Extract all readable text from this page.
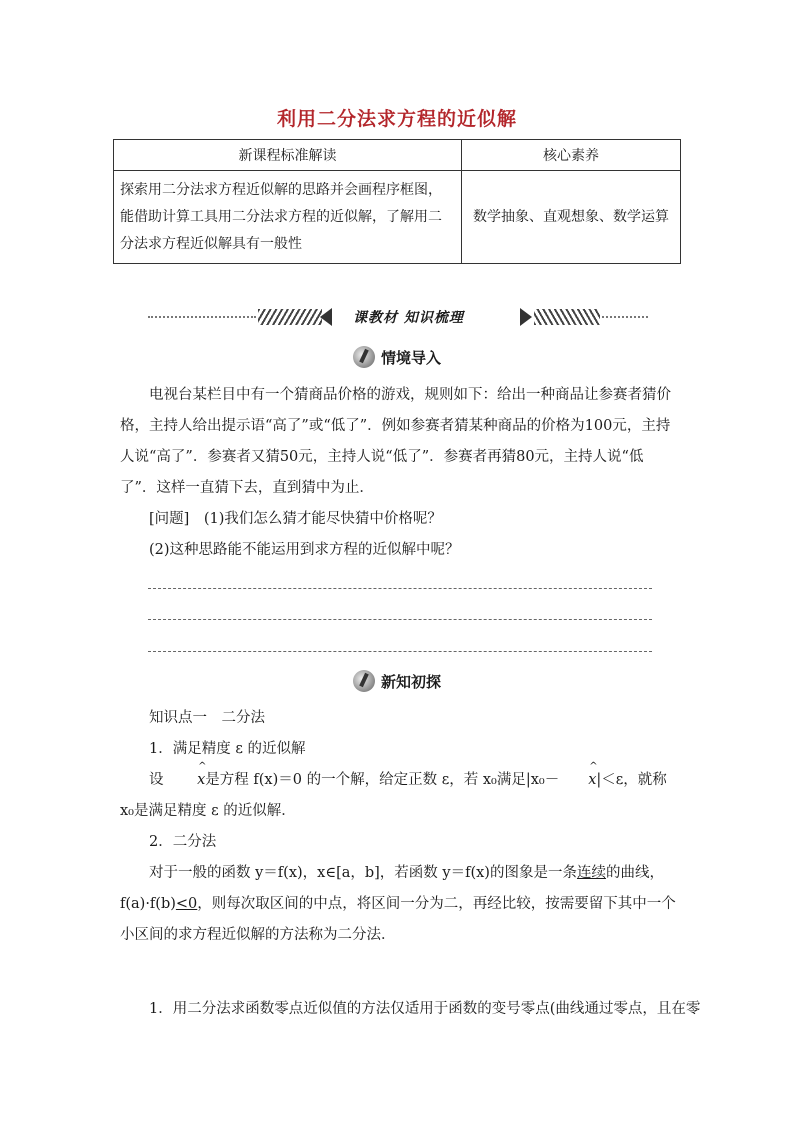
利用二分法求方程的近似解
新课程标准解读	核心素养
探索用二分法求方程近似解的思路并会画程序框图，能借助计算工具用二分法求方程的近似解，了解用二分法求方程近似解具有一般性	数学抽象、直观想象、数学运算
课教材 知识梳理
情境导入

电视台某栏目中有一个猜商品价格的游戏，规则如下：给出一种商品让参赛者猜价格，主持人给出提示语“高了”或“低了”．例如参赛者猜某种商品的价格为100元，主持人说“高了”．参赛者又猜50元，主持人说“低了”．参赛者再猜80元，主持人说“低了”．这样一直猜下去，直到猜中为止．

[问题]　 (1)我们怎么猜才能尽快猜中价格呢？

(2)这种思路能不能运用到求方程的近似解中呢？

新知初探

知识点一　二分法

1．满足精度 ε 的近似解

设 ^ x是方程 f(x)＝0 的一个解，给定正数 ε，若 x₀满足|x₀－ ^ x|＜ε，就称 x₀是满足精度 ε 的近似解．

2．二分法

对于一般的函数 y＝f(x)，x∈[a，b]，若函数 y＝f(x)的图象是一条连续的曲线，f(a)·f(b)<0，则每次取区间的中点，将区间一分为二，再经比较，按需要留下其中一个小区间的求方程近似解的方法称为二分法．

1．用二分法求函数零点近似值的方法仅适用于函数的变号零点(曲线通过零点，且在零
